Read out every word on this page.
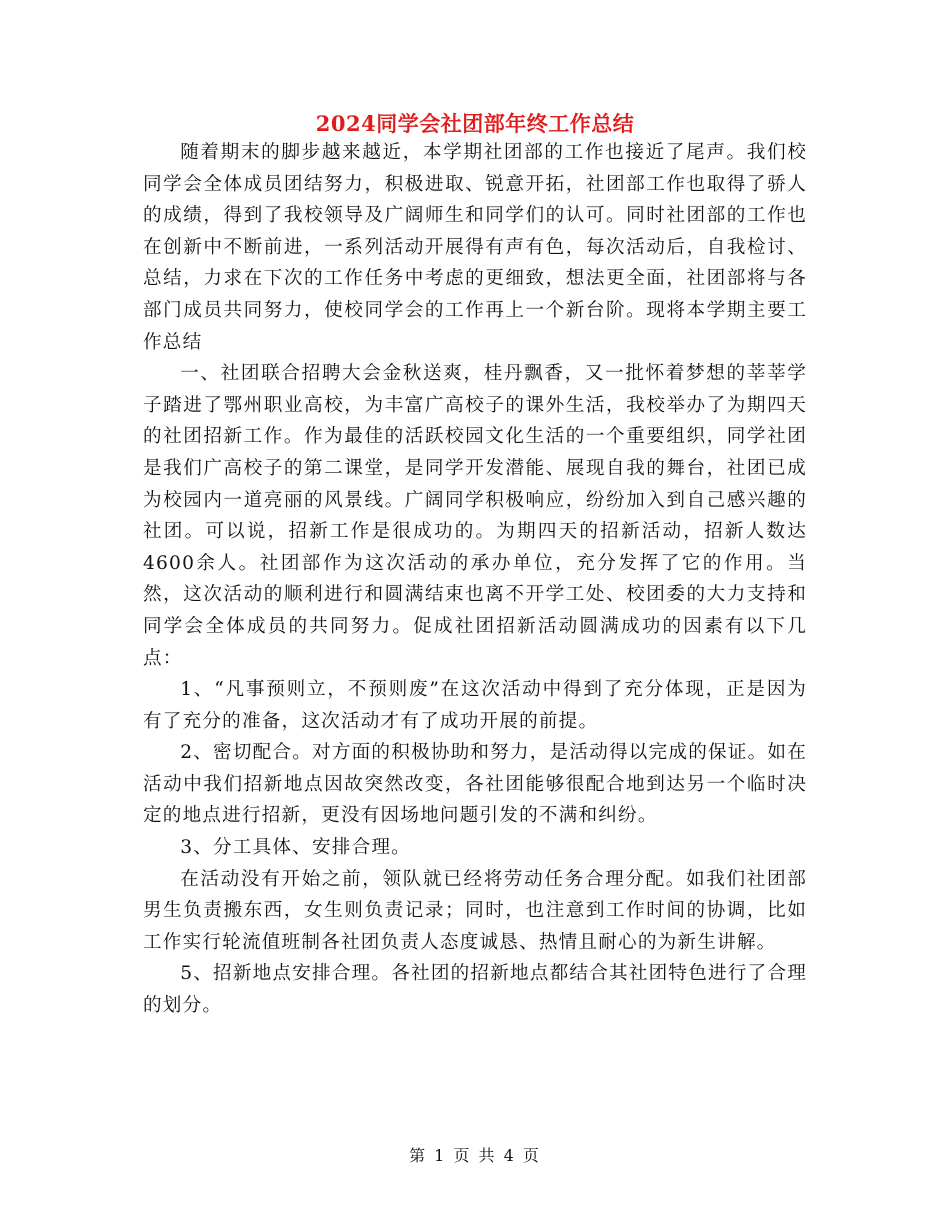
2024同学会社团部年终工作总结

随着期末的脚步越来越近，本学期社团部的工作也接近了尾声。我们校同学会全体成员团结努力，积极进取、锐意开拓，社团部工作也取得了骄人的成绩，得到了我校领导及广阔师生和同学们的认可。同时社团部的工作也在创新中不断前进，一系列活动开展得有声有色，每次活动后，自我检讨、总结，力求在下次的工作任务中考虑的更细致，想法更全面，社团部将与各部门成员共同努力，使校同学会的工作再上一个新台阶。现将本学期主要工作总结

一、社团联合招聘大会金秋送爽，桂丹飘香，又一批怀着梦想的莘莘学子踏进了鄂州职业高校，为丰富广高校子的课外生活，我校举办了为期四天的社团招新工作。作为最佳的活跃校园文化生活的一个重要组织，同学社团是我们广高校子的第二课堂，是同学开发潜能、展现自我的舞台，社团已成为校园内一道亮丽的风景线。广阔同学积极响应，纷纷加入到自己感兴趣的社团。可以说，招新工作是很成功的。为期四天的招新活动，招新人数达4600余人。社团部作为这次活动的承办单位，充分发挥了它的作用。当然，这次活动的顺利进行和圆满结束也离不开学工处、校团委的大力支持和同学会全体成员的共同努力。促成社团招新活动圆满成功的因素有以下几点：

1、“凡事预则立，不预则废”在这次活动中得到了充分体现，正是因为有了充分的准备，这次活动才有了成功开展的前提。

2、密切配合。对方面的积极协助和努力，是活动得以完成的保证。如在活动中我们招新地点因故突然改变，各社团能够很配合地到达另一个临时决定的地点进行招新，更没有因场地问题引发的不满和纠纷。

3、分工具体、安排合理。

在活动没有开始之前，领队就已经将劳动任务合理分配。如我们社团部男生负责搬东西，女生则负责记录；同时，也注意到工作时间的协调，比如工作实行轮流值班制各社团负责人态度诚恳、热情且耐心的为新生讲解。

5、招新地点安排合理。各社团的招新地点都结合其社团特色进行了合理的划分。

第 1 页 共 4 页
